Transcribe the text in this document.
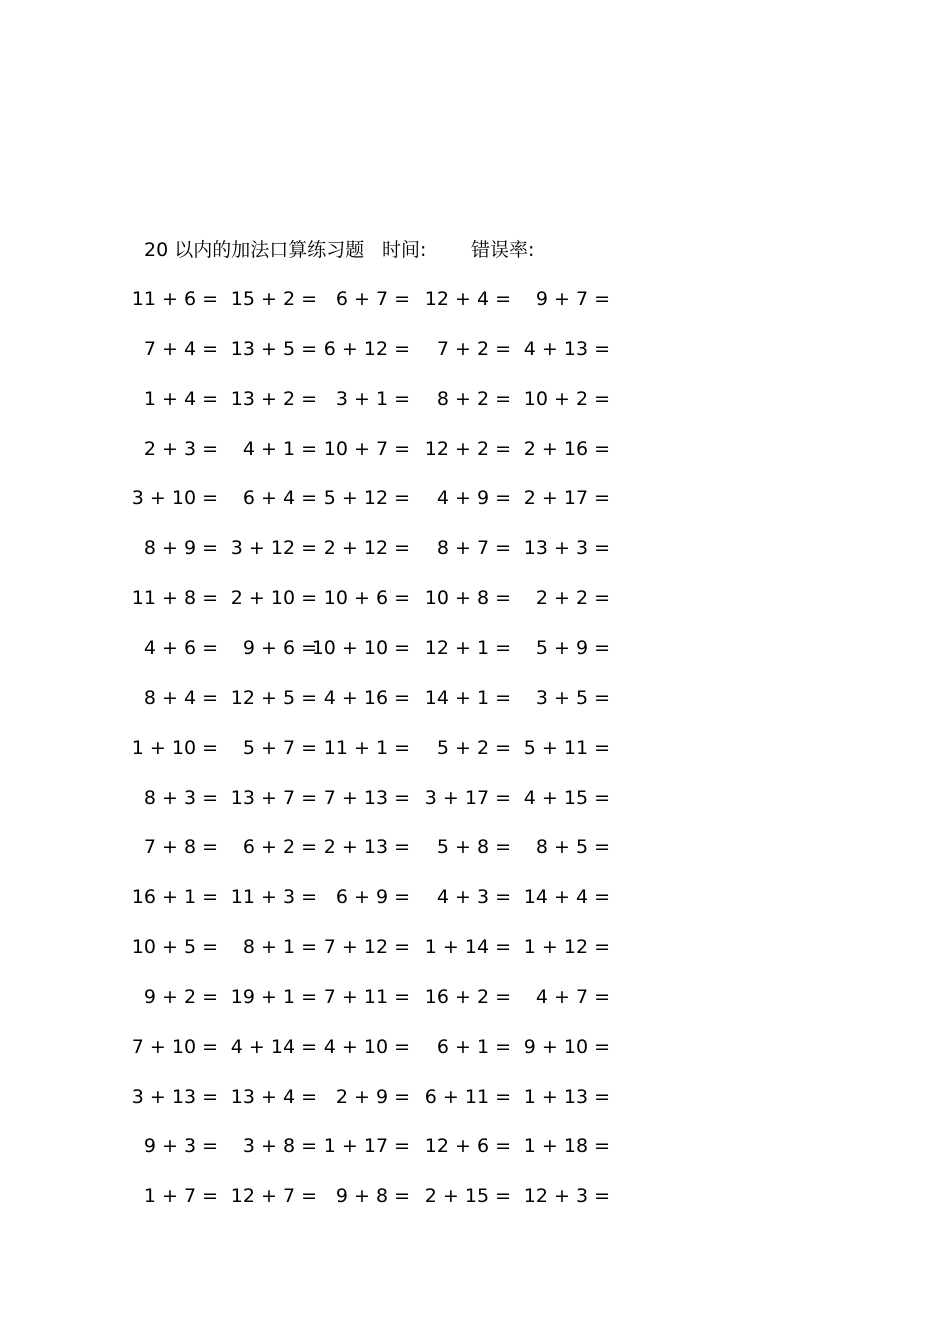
20 以内的加法口算练习题 时间: 错误率:
11 + 6 = 15 + 2 = 6 + 7 = 12 + 4 = 9 + 7 =
7 + 4 = 13 + 5 = 6 + 12 = 7 + 2 = 4 + 13 =
1 + 4 = 13 + 2 = 3 + 1 = 8 + 2 = 10 + 2 =
2 + 3 = 4 + 1 = 10 + 7 = 12 + 2 = 2 + 16 =
3 + 10 = 6 + 4 = 5 + 12 = 4 + 9 = 2 + 17 =
8 + 9 = 3 + 12 = 2 + 12 = 8 + 7 = 13 + 3 =
11 + 8 = 2 + 10 = 10 + 6 = 10 + 8 = 2 + 2 =
4 + 6 = 9 + 6 =
10 + 10 = 12 + 1 = 5 + 9 =
8 + 4 = 12 + 5 = 4 + 16 = 14 + 1 = 3 + 5 =
1 + 10 = 5 + 7 = 11 + 1 = 5 + 2 = 5 + 11 =
8 + 3 = 13 + 7 = 7 + 13 = 3 + 17 = 4 + 15 =
7 + 8 = 6 + 2 = 2 + 13 = 5 + 8 = 8 + 5 =
16 + 1 = 11 + 3 = 6 + 9 = 4 + 3 = 14 + 4 =
10 + 5 = 8 + 1 = 7 + 12 = 1 + 14 = 1 + 12 =
9 + 2 = 19 + 1 = 7 + 11 = 16 + 2 = 4 + 7 =
7 + 10 = 4 + 14 = 4 + 10 = 6 + 1 = 9 + 10 =
3 + 13 = 13 + 4 = 2 + 9 = 6 + 11 = 1 + 13 =
9 + 3 = 3 + 8 = 1 + 17 = 12 + 6 = 1 + 18 =
1 + 7 = 12 + 7 = 9 + 8 = 2 + 15 = 12 + 3 =
